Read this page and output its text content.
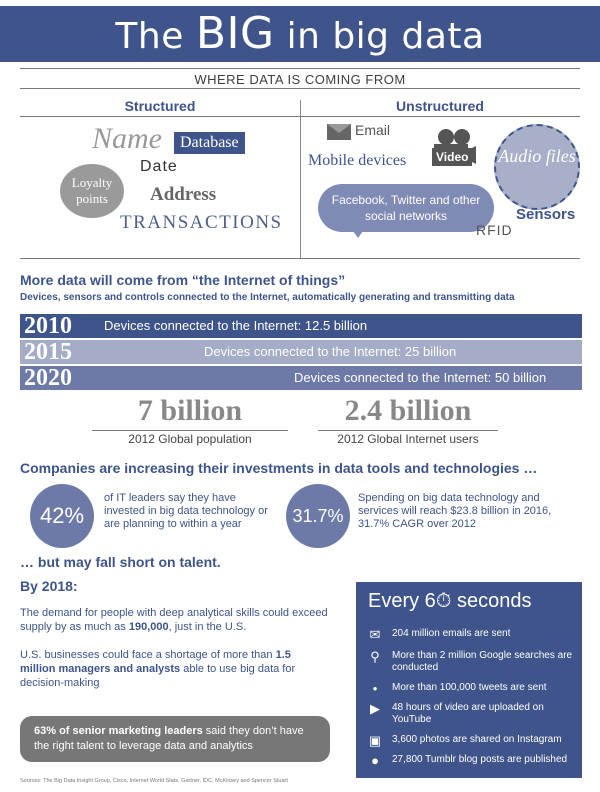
The BIG in big data
WHERE DATA IS COMING FROM
Structured	Unstructured
Name	Database
Date
Loyalty points	Address
TRANSACTIONS
Email
Mobile devices	Video Audio files
Facebook, Twitter and other social networks	Sensors
RFID
More data will come from “the Internet of things”
Devices, sensors and controls connected to the Internet, automatically generating and transmitting data
2010 Devices connected to the Internet: 12.5 billion
2015	Devices connected to the Internet: 25 billion
2020	Devices connected to the Internet: 50 billion
7 billion
2012 Global population
2.4 billion
2012 Global Internet users
Companies are increasing their investments in data tools and technologies …
42%
of IT leaders say they have invested in big data technology or are planning to within a year	31.7%
Spending on big data technology and services will reach $23.8 billion in 2016, 31.7% CAGR over 2012
… but may fall short on talent.
By 2018:
The demand for people with deep analytical skills could exceed supply by as much as 190,000, just in the U.S.
U.S. businesses could face a shortage of more than 1.5 million managers and analysts able to use big data for decision-making
63% of senior marketing leaders said they don’t have the right talent to leverage data and analytics
Every 6⏱ seconds
✉	204 million emails are sent
⚲	More than 2 million Google searches are conducted
•	More than 100,000 tweets are sent
▶	48 hours of video are uploaded on YouTube
▣ 3,600 photos are shared on Instagram
●	27,800 Tumblr blog posts are published
Sources: The Big Data Insight Group, Cisco, Internet World Stats, Gartner, IDC, McKinsey and Spencer Stuart
